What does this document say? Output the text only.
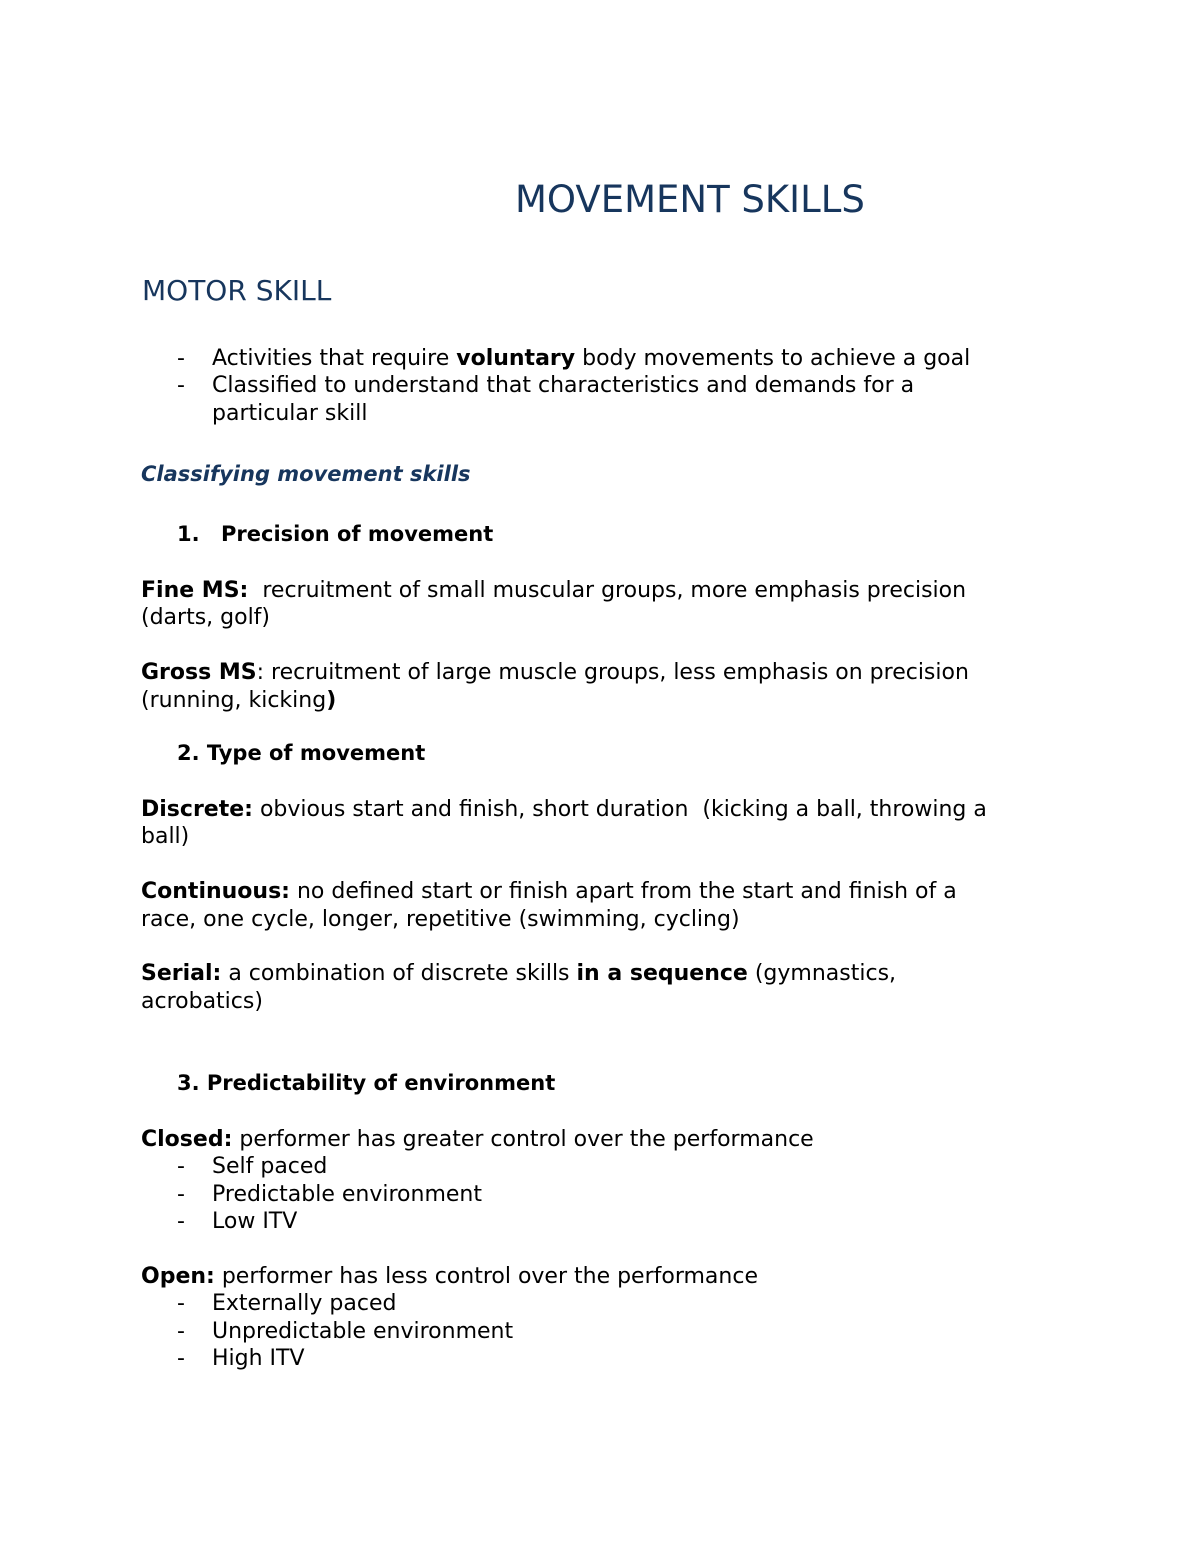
MOVEMENT SKILLS
MOTOR SKILL
- Activities that require voluntary body movements to achieve a goal
- Classified to understand that characteristics and demands for a
particular skill
Classifying movement skills
1. Precision of movement
Fine MS:  recruitment of small muscular groups, more emphasis precision
(darts, golf)
Gross MS: recruitment of large muscle groups, less emphasis on precision
(running, kicking)
2. Type of movement
Discrete: obvious start and finish, short duration  (kicking a ball, throwing a
ball)
Continuous: no defined start or finish apart from the start and finish of a
race, one cycle, longer, repetitive (swimming, cycling)
Serial: a combination of discrete skills in a sequence (gymnastics,
acrobatics)
3. Predictability of environment
Closed: performer has greater control over the performance
- Self paced
- Predictable environment
- Low ITV
Open: performer has less control over the performance
- Externally paced
- Unpredictable environment
- High ITV
